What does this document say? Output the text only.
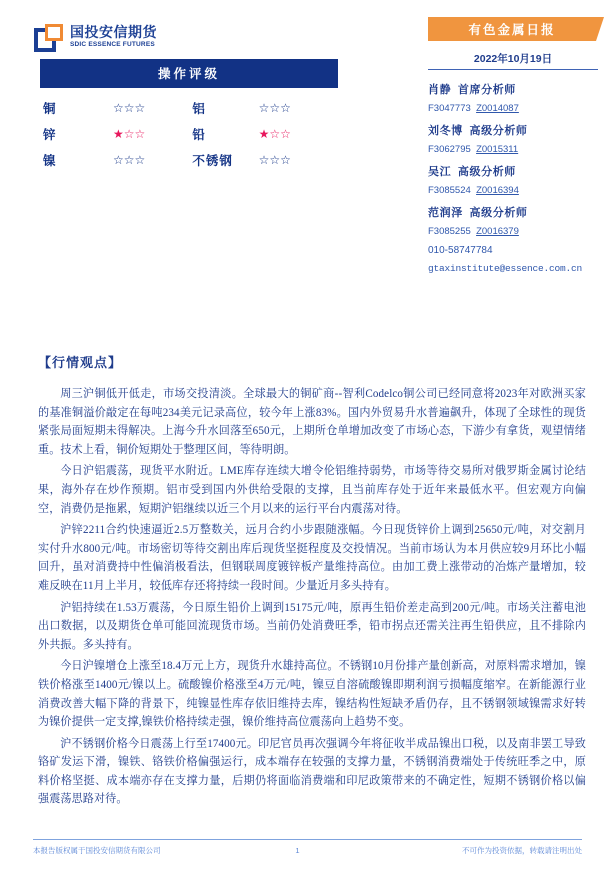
国投安信期货
SDIC ESSENCE FUTURES
操作评级
铜	☆☆☆	铝	☆☆☆
锌	★☆☆	铅	★☆☆
镍	☆☆☆	不锈钢	☆☆☆
有色金属日报
2022年10月19日
肖静 首席分析师
F3047773 Z0014087
刘冬博 高级分析师
F3062795 Z0015311
吴江 高级分析师
F3085524 Z0016394
范润泽 高级分析师
F3085255 Z0016379
010-58747784
gtaxinstitute@essence.com.cn
【行情观点】

周三沪铜低开低走，市场交投清淡。全球最大的铜矿商--智利Codelco铜公司已经同意将2023年对欧洲买家的基准铜溢价敲定在每吨234美元记录高位，较今年上涨83%。国内外贸易升水普遍飙升，体现了全球性的现货紧张局面短期未得解决。上海今升水回落至650元，上期所仓单增加改变了市场心态，下游少有拿货，观望情绪重。技术上看，铜价短期处于整理区间，等待明朗。

今日沪铝震荡，现货平水附近。LME库存连续大增令伦铝维持弱势，市场等待交易所对俄罗斯金属讨论结果，海外存在炒作预期。铝市受到国内外供给受限的支撑，且当前库存处于近年来最低水平。但宏观方向偏空，消费仍是拖累，短期沪铝继续以近三个月以来的运行平台内震荡对待。

沪锌2211合约快速逼近2.5万整数关，远月合约小步跟随涨幅。今日现货锌价上调到25650元/吨，对交割月实付升水800元/吨。市场密切等待交割出库后现货坚挺程度及交投情况。当前市场认为本月供应较9月环比小幅回升，虽对消费持中性偏消极看法，但钢联周度镀锌板产量维持高位。由加工费上涨带动的冶炼产量增加，较难反映在11月上半月，较低库存还将持续一段时间。少量近月多头持有。

沪铝持续在1.53万震荡，今日原生铅价上调到15175元/吨，原再生铅价差走高到200元/吨。市场关注蓄电池出口数据，以及期货仓单可能回流现货市场。当前仍处消费旺季，铅市拐点还需关注再生铅供应，且不排除内外共振。多头持有。

今日沪镍增仓上涨至18.4万元上方，现货升水雄持高位。不锈钢10月份排产量创新高，对原料需求增加，镍铁价格涨至1400元/镍以上。硫酸镍价格涨至4万元/吨，镍豆自溶硫酸镍即期利润亏损幅度缩窄。在新能源行业消费改善大幅下降的背景下，纯镍显性库存依旧维持去库，镍结构性短缺矛盾仍存，且不锈钢领域镍需求好转为镍价提供一定支撑,镍铁价格持续走强，镍价维持高位震荡向上趋势不变。

沪不锈钢价格今日震荡上行至17400元。印尼官员再次强调今年将征收半成品镍出口税，以及南非罢工导致铬矿发运下滑，镍铁、铬铁价格偏强运行，成本端存在较强的支撑力量，不锈钢消费端处于传统旺季之中，原料价格坚挺、成本端亦存在支撑力量，后期仍将面临消费端和印尼政策带来的不确定性，短期不锈钢价格以偏强震荡思路对待。

本报告版权属于国投安信期货有限公司	1	不可作为投资依据，转载请注明出处
